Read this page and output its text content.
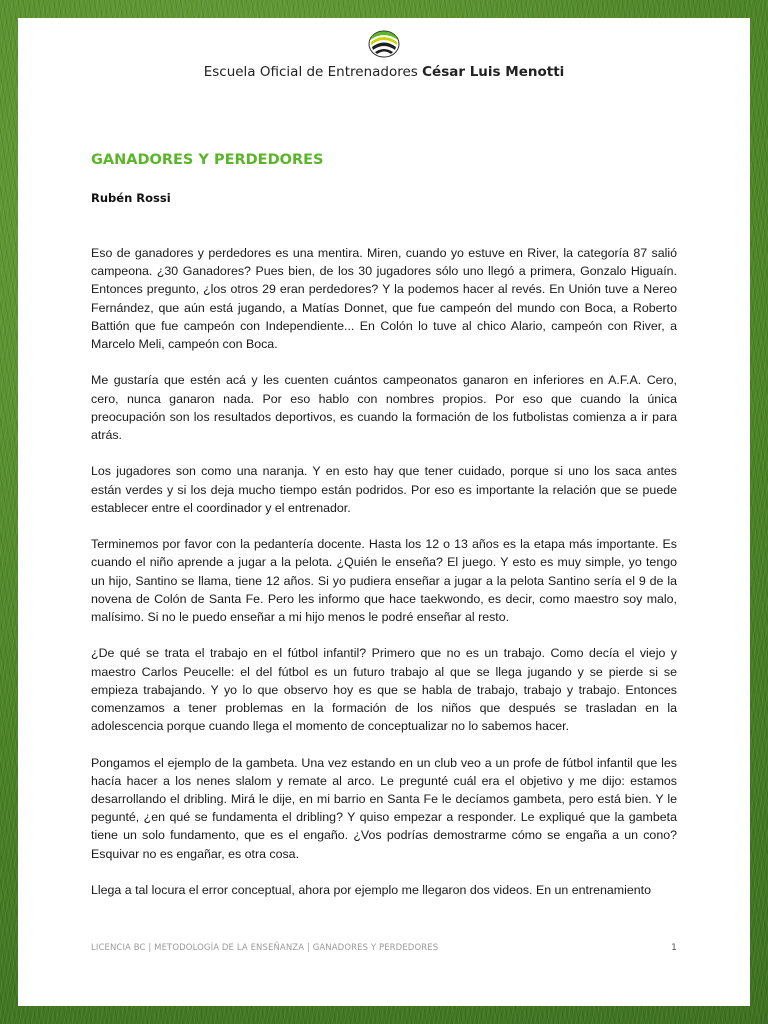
Escuela Oficial de Entrenadores César Luis Menotti
GANADORES Y PERDEDORES
Rubén Rossi

Eso de ganadores y perdedores es una mentira. Miren, cuando yo estuve en River, la categoría 87 salió campeona. ¿30 Ganadores? Pues bien, de los 30 jugadores sólo uno llegó a primera, Gonzalo Higuaín. Entonces pregunto, ¿los otros 29 eran perdedores? Y la podemos hacer al revés. En Unión tuve a Nereo Fernández, que aún está jugando, a Matías Donnet, que fue campeón del mundo con Boca, a Roberto Battión que fue campeón con Independiente... En Colón lo tuve al chico Alario, campeón con River, a Marcelo Meli, campeón con Boca.

Me gustaría que estén acá y les cuenten cuántos campeonatos ganaron en inferiores en A.F.A. Cero, cero, nunca ganaron nada. Por eso hablo con nombres propios. Por eso que cuando la única preocupación son los resultados deportivos, es cuando la formación de los futbolistas comienza a ir para atrás.

Los jugadores son como una naranja. Y en esto hay que tener cuidado, porque si uno los saca antes están verdes y si los deja mucho tiempo están podridos. Por eso es importante la relación que se puede establecer entre el coordinador y el entrenador.

Terminemos por favor con la pedantería docente. Hasta los 12 o 13 años es la etapa más importante. Es cuando el niño aprende a jugar a la pelota. ¿Quién le enseña? El juego. Y esto es muy simple, yo tengo un hijo, Santino se llama, tiene 12 años. Si yo pudiera enseñar a jugar a la pelota Santino sería el 9 de la novena de Colón de Santa Fe. Pero les informo que hace taekwondo, es decir, como maestro soy malo, malísimo. Si no le puedo enseñar a mi hijo menos le podré enseñar al resto.

¿De qué se trata el trabajo en el fútbol infantil? Primero que no es un trabajo. Como decía el viejo y maestro Carlos Peucelle: el del fútbol es un futuro trabajo al que se llega jugando y se pierde si se empieza trabajando. Y yo lo que observo hoy es que se habla de trabajo, trabajo y trabajo. Entonces comenzamos a tener problemas en la formación de los niños que después se trasladan en la adolescencia porque cuando llega el momento de conceptualizar no lo sabemos hacer.

Pongamos el ejemplo de la gambeta. Una vez estando en un club veo a un profe de fútbol infantil que les hacía hacer a los nenes slalom y remate al arco. Le pregunté cuál era el objetivo y me dijo: estamos desarrollando el dribling. Mirá le dije, en mi barrio en Santa Fe le decíamos gambeta, pero está bien. Y le pegunté, ¿en qué se fundamenta el dribling? Y quiso empezar a responder. Le expliqué que la gambeta tiene un solo fundamento, que es el engaño. ¿Vos podrías demostrarme cómo se engaña a un cono? Esquivar no es engañar, es otra cosa.

Llega a tal locura el error conceptual, ahora por ejemplo me llegaron dos videos. En un entrenamiento

LICENCIA BC | METODOLOGÍA DE LA ENSEÑANZA | GANADORES Y PERDEDORES	1
